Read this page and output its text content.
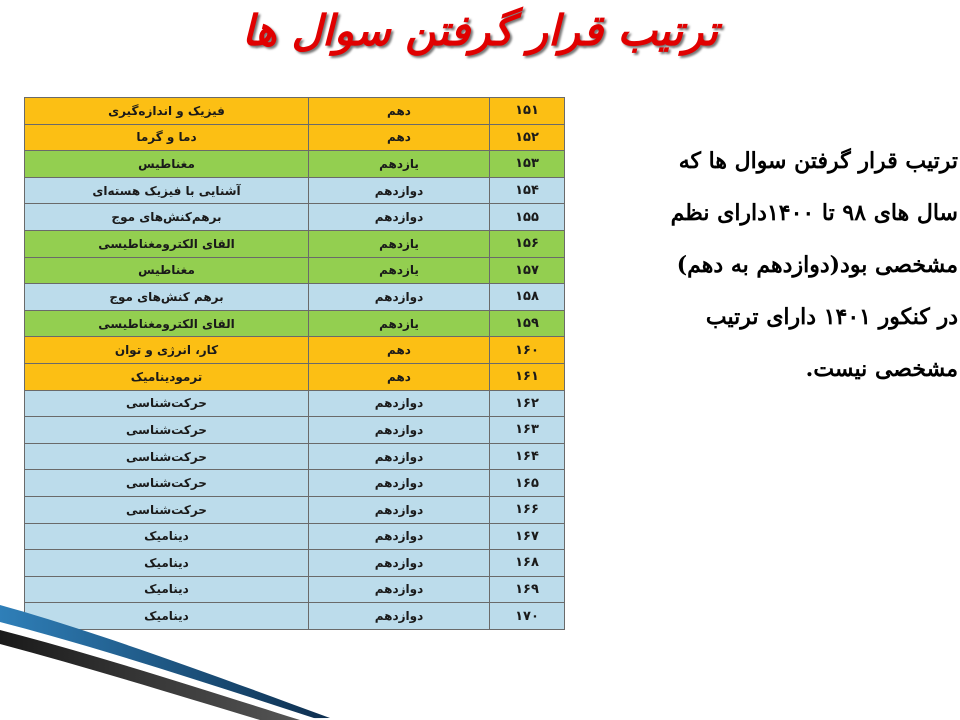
ترتیب قرار گرفتن سوال ها
۱۵۱	دهم	فیزیک و اندازه‌گیری
۱۵۲	دهم	دما و گرما
۱۵۳	یازدهم	مغناطیس
۱۵۴	دوازدهم	آشنایی با فیزیک هسته‌ای
۱۵۵	دوازدهم	برهم‌کنش‌های موج
۱۵۶	یازدهم	القای الکترومغناطیسی
۱۵۷	یازدهم	مغناطیس
۱۵۸	دوازدهم	برهم کنش‌های موج
۱۵۹	یازدهم	القای الکترومغناطیسی
۱۶۰	دهم	کار، انرژی و توان
۱۶۱	دهم	ترمودینامیک
۱۶۲	دوازدهم	حرکت‌شناسی
۱۶۳	دوازدهم	حرکت‌شناسی
۱۶۴	دوازدهم	حرکت‌شناسی
۱۶۵	دوازدهم	حرکت‌شناسی
۱۶۶	دوازدهم	حرکت‌شناسی
۱۶۷	دوازدهم	دینامیک
۱۶۸	دوازدهم	دینامیک
۱۶۹	دوازدهم	دینامیک
۱۷۰	دوازدهم	دینامیک

ترتیب قرار گرفتن سوال ها که

سال های ۹۸ تا ۱۴۰۰دارای نظم

مشخصی بود(دوازدهم به دهم)

در کنکور ۱۴۰۱ دارای ترتیب

مشخصی نیست.
